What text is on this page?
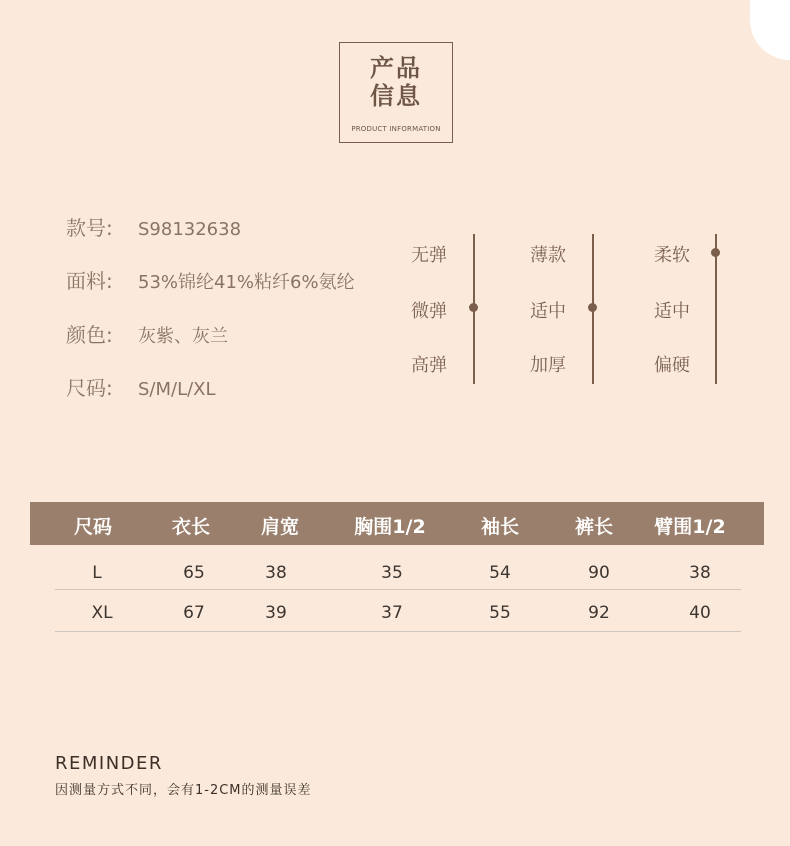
产品
信息
PRODUCT INFORMATION
款号: S98132638
面料: 53%锦纶41%粘纤6%氨纶
颜色: 灰紫、灰兰
尺码: S/M/L/XL
无弹
微弹
高弹
薄款
适中
加厚
柔软
适中
偏硬
尺码	衣长	肩宽	胸围1/2	袖长	裤长 臂围1/2
L	65	38	35	54	90	38
XL	67	39	37	55	92	40
REMINDER
因测量方式不同，会有1-2CM的测量误差
